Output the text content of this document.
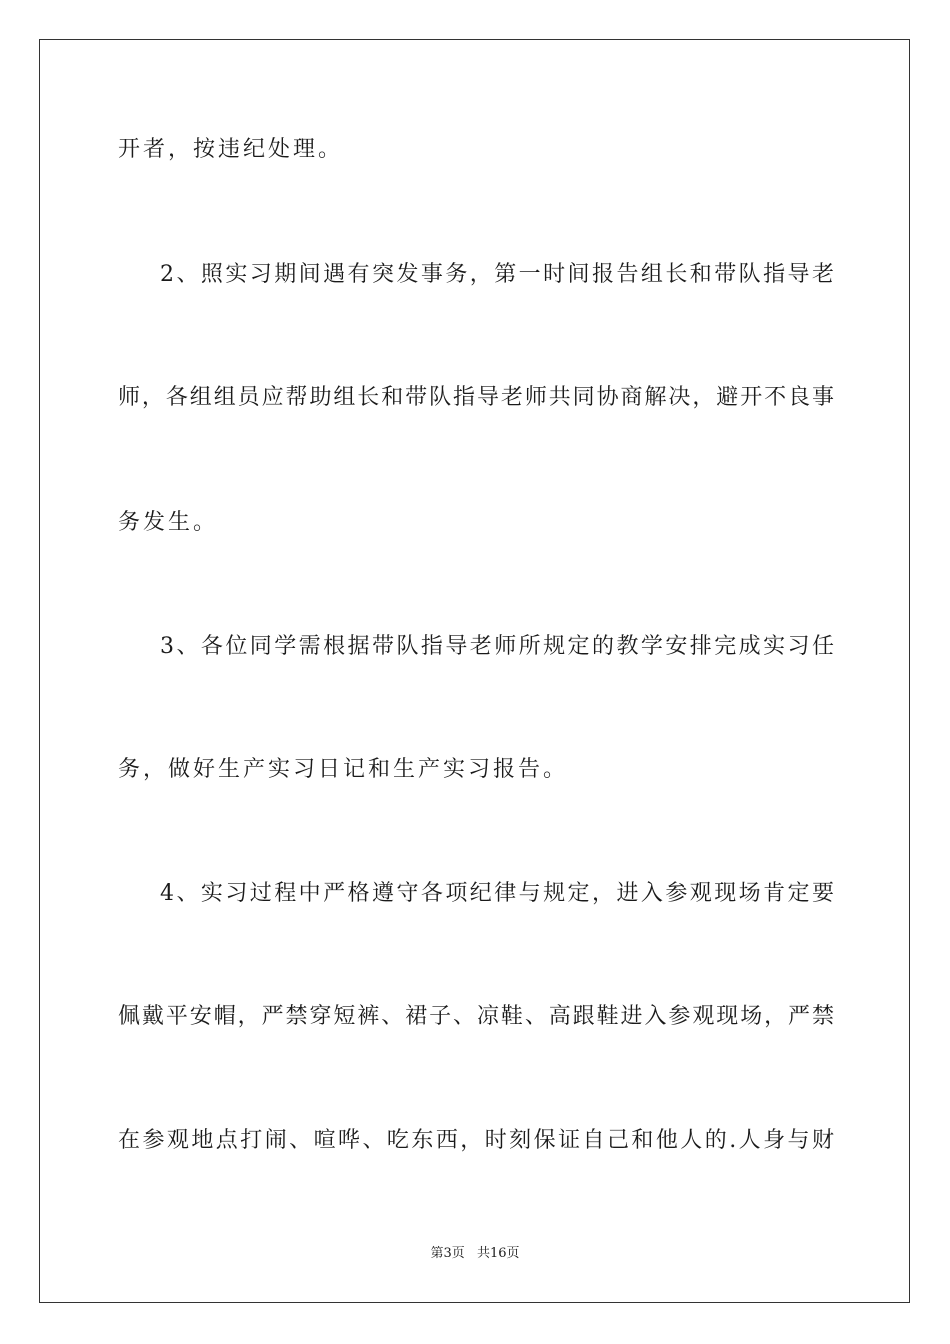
开者，按违纪处理。
2、照实习期间遇有突发事务，第一时间报告组长和带队指导老
师，各组组员应帮助组长和带队指导老师共同协商解决，避开不良事
务发生。
3、各位同学需根据带队指导老师所规定的教学安排完成实习任
务，做好生产实习日记和生产实习报告。
4、实习过程中严格遵守各项纪律与规定，进入参观现场肯定要
佩戴平安帽，严禁穿短裤、裙子、凉鞋、高跟鞋进入参观现场，严禁
在参观地点打闹、喧哗、吃东西，时刻保证自己和他人的.人身与财
第3页 共16页
